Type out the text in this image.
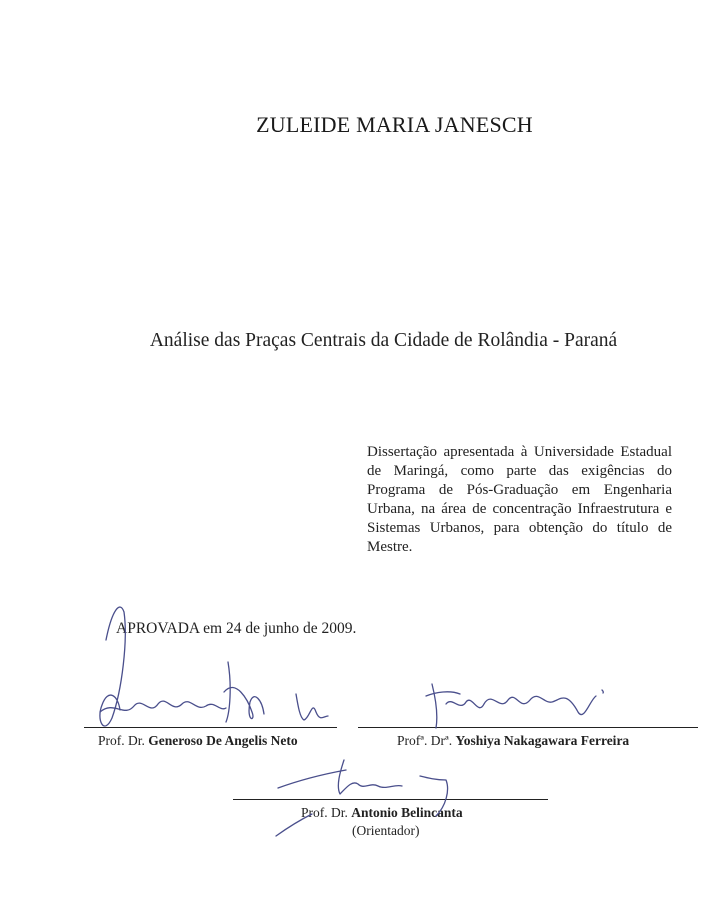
ZULEIDE MARIA JANESCH
Análise das Praças Centrais da Cidade de Rolândia - Paraná
Dissertação apresentada à Universidade Estadual de Maringá, como parte das exigências do Programa de Pós-Graduação em Engenharia Urbana, na área de concentração Infraestrutura e Sistemas Urbanos, para obtenção do título de Mestre.
APROVADA em 24 de junho de 2009.
Prof. Dr. Generoso De Angelis Neto	Profª. Drª. Yoshiya Nakagawara Ferreira
Prof. Dr. Antonio Belincanta
(Orientador)
